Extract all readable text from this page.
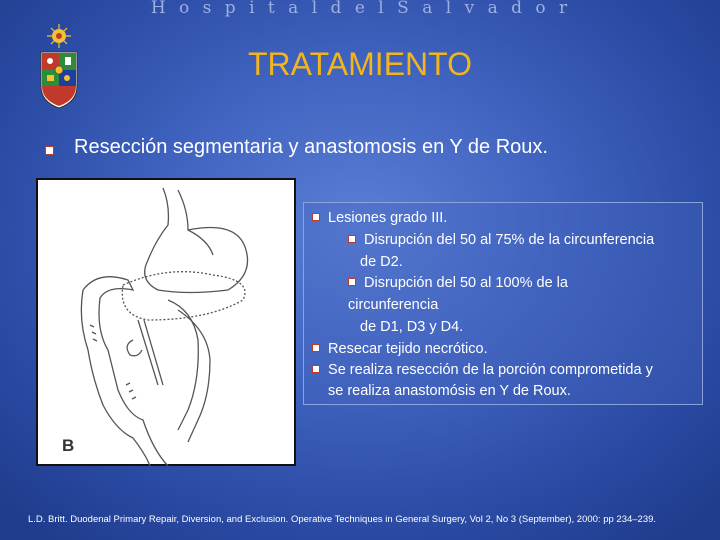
H o s p i t a l d e l S a l v a d o r
TRATAMIENTO
Resección segmentaria y anastomosis en Y de Roux.
B
Lesiones grado III.
Disrupción del 50 al 75% de la circunferencia
de D2.
Disrupción del 50 al 100% de la
circunferencia
de D1, D3 y D4.
Resecar tejido necrótico.
Se realiza resección de la porción comprometida y
se realiza anastomósis en Y de Roux.
L.D. Britt. Duodenal Primary Repair, Diversion, and Exclusion. Operative Techniques in General Surgery, Vol 2, No 3 (September), 2000: pp 234–239.
